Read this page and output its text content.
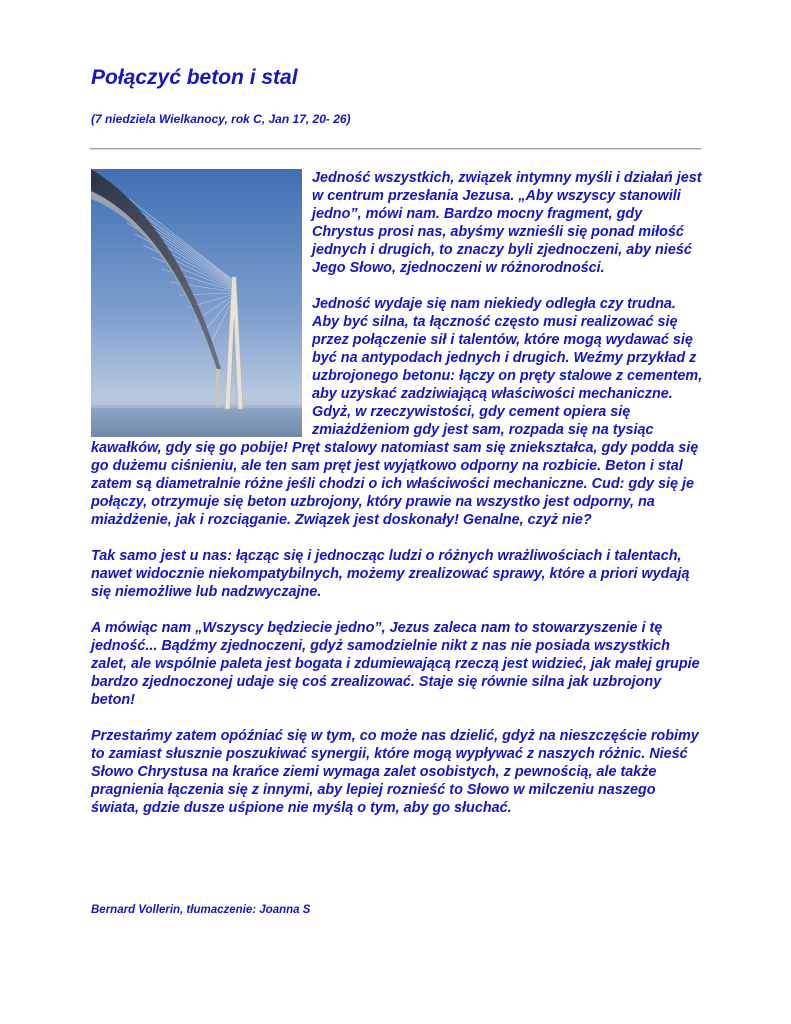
Połączyć beton i stal

(7 niedziela Wielkanocy, rok C, Jan 17, 20- 26)

Jedność wszystkich, związek intymny myśli i działań jest w centrum przesłania Jezusa. „Aby wszyscy stanowili jedno”, mówi nam. Bardzo mocny fragment, gdy Chrystus prosi nas, abyśmy wznieśli się ponad miłość jednych i drugich, to znaczy byli zjednoczeni, aby nieść Jego Słowo, zjednoczeni w różnorodności.

Jedność wydaje się nam niekiedy odległa czy trudna. Aby być silna, ta łączność często musi realizować się przez połączenie sił i talentów, które mogą wydawać się być na antypodach jednych i drugich. Weźmy przykład z uzbrojonego betonu: łączy on pręty stalowe z cementem, aby uzyskać zadziwiającą właściwości mechaniczne. Gdyż, w rzeczywistości, gdy cement opiera się zmiażdżeniom gdy jest sam, rozpada się na tysiąc kawałków, gdy się go pobije! Pręt stalowy natomiast sam się zniekształca, gdy podda się go dużemu ciśnieniu, ale ten sam pręt jest wyjątkowo odporny na rozbicie. Beton i stal zatem są diametralnie różne jeśli chodzi o ich właściwości mechaniczne. Cud: gdy się je połączy, otrzymuje się beton uzbrojony, który prawie na wszystko jest odporny, na miażdżenie, jak i rozciąganie. Związek jest doskonały! Genalne, czyż nie?

Tak samo jest u nas: łącząc się i jednocząc ludzi o różnych wrażliwościach i talentach, nawet widocznie niekompatybilnych, możemy zrealizować sprawy, które a priori wydają się niemożliwe lub nadzwyczajne.

A mówiąc nam „Wszyscy będziecie jedno”, Jezus zaleca nam to stowarzyszenie i tę jedność... Bądźmy zjednoczeni, gdyż samodzielnie nikt z nas nie posiada wszystkich zalet, ale wspólnie paleta jest bogata i zdumiewającą rzeczą jest widzieć, jak małej grupie bardzo zjednoczonej udaje się coś zrealizować. Staje się równie silna jak uzbrojony beton!

Przestańmy zatem opóźniać się w tym, co może nas dzielić, gdyż na nieszczęście robimy to zamiast słusznie poszukiwać synergii, które mogą wypływać z naszych różnic. Nieść Słowo Chrystusa na krańce ziemi wymaga zalet osobistych, z pewnością, ale także pragnienia łączenia się z innymi, aby lepiej roznieść to Słowo w milczeniu naszego świata, gdzie dusze uśpione nie myślą o tym, aby go słuchać.

Bernard Vollerin, tłumaczenie: Joanna S
